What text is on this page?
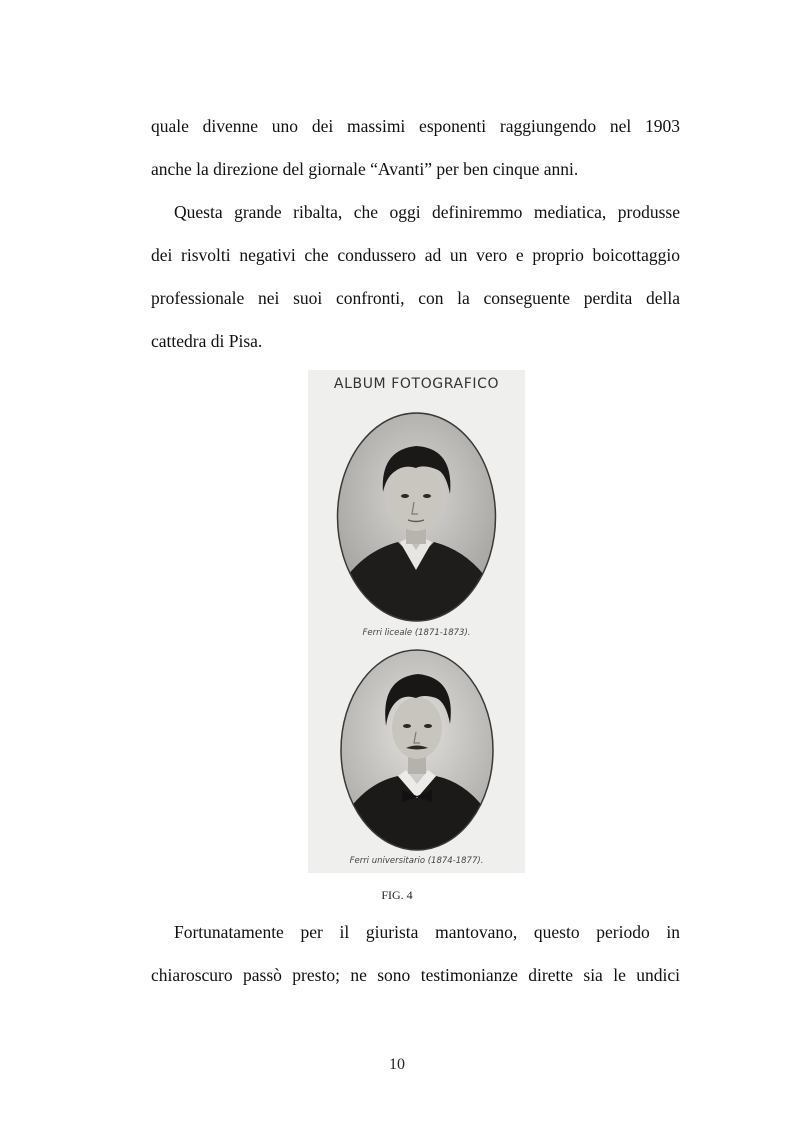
quale divenne uno dei massimi esponenti raggiungendo nel 1903
anche la direzione del giornale “Avanti” per ben cinque anni.
Questa grande ribalta, che oggi definiremmo mediatica, produsse
dei risvolti negativi che condussero ad un vero e proprio boicottaggio
professionale nei suoi confronti, con la conseguente perdita della
cattedra di Pisa.
ALBUM FOTOGRAFICO
Ferri liceale (1871-1873).
Ferri universitario (1874-1877).
FIG. 4
Fortunatamente per il giurista mantovano, questo periodo in
chiaroscuro passò presto; ne sono testimonianze dirette sia le undici
10
